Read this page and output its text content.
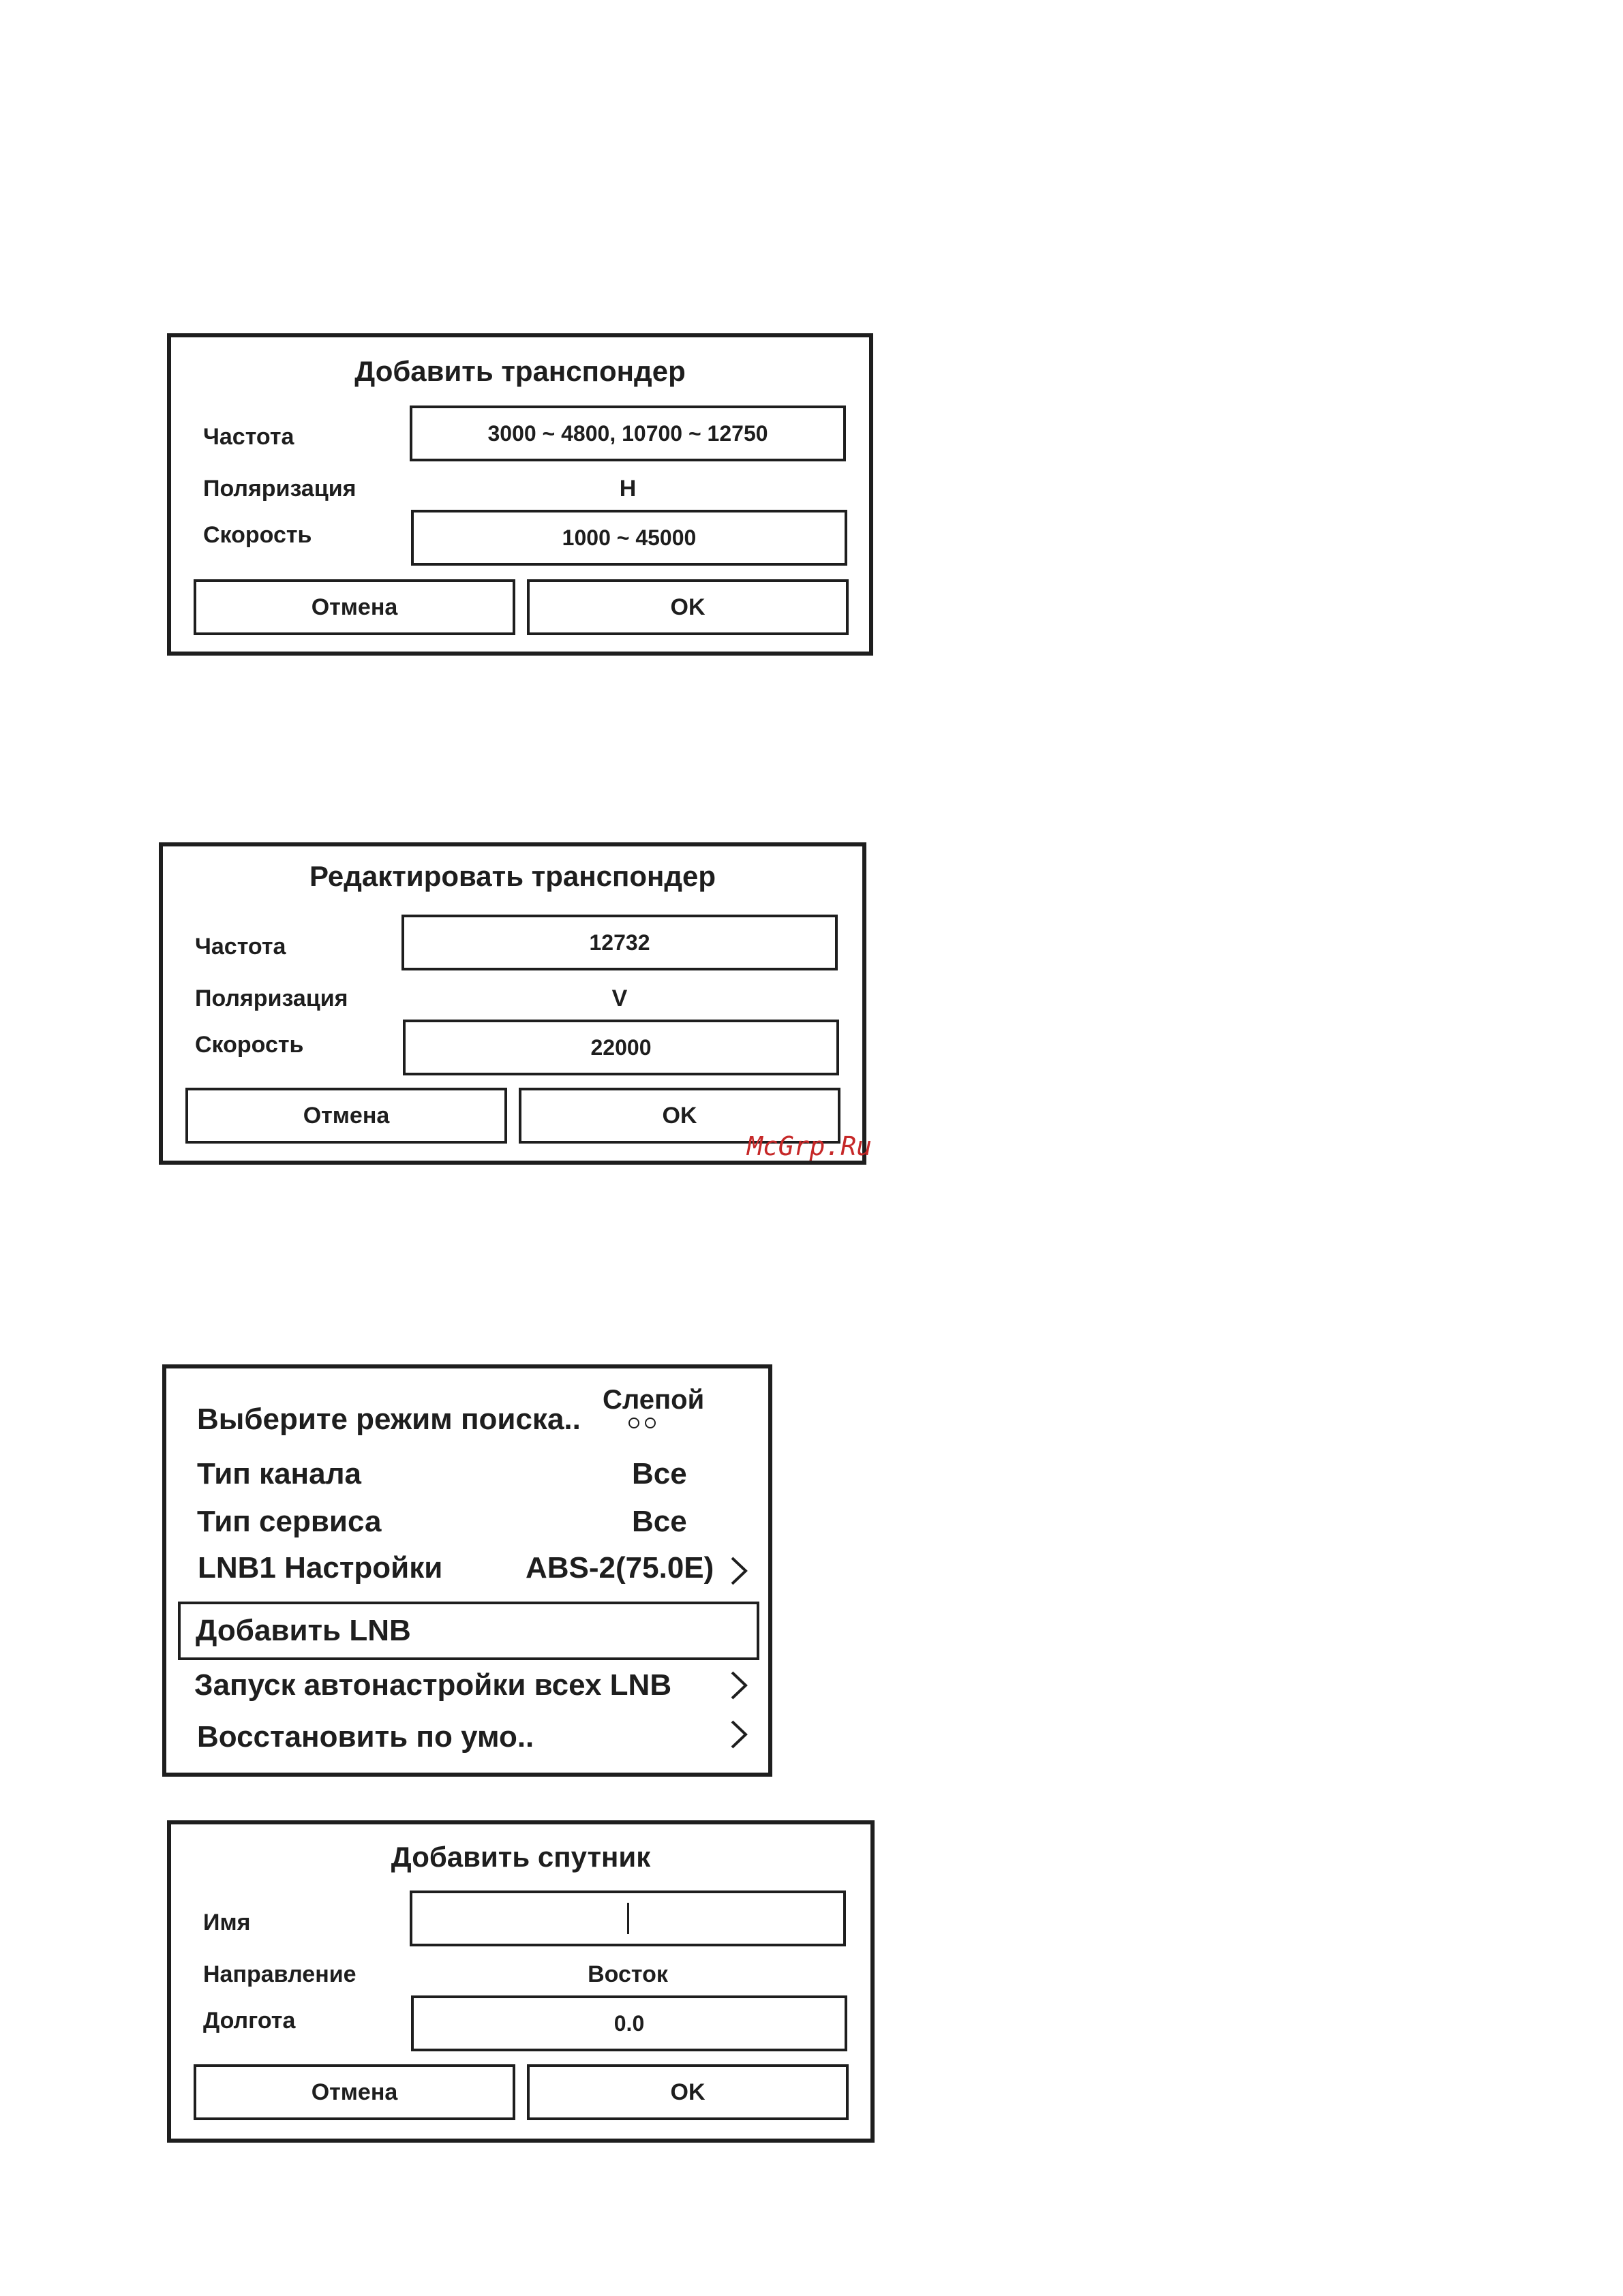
Добавить транспондер
Частота	3000 ~ 4800, 10700 ~ 12750
Поляризация	H
Скорость	1000 ~ 45000
Отмена	OK
Редактировать транспондер
Частота	12732
Поляризация	V
Скорость	22000
Отмена	OK
McGrp.Ru
Выберите режим поиска..
Слепой
Тип канала	Все
Тип сервиса	Все
LNB1 Настройки	ABS-2(75.0E)
Добавить LNB
Запуск автонастройки всех LNB
Восстановить по умо..
Добавить спутник
Имя
Направление	Восток
Долгота	0.0
Отмена	OK
